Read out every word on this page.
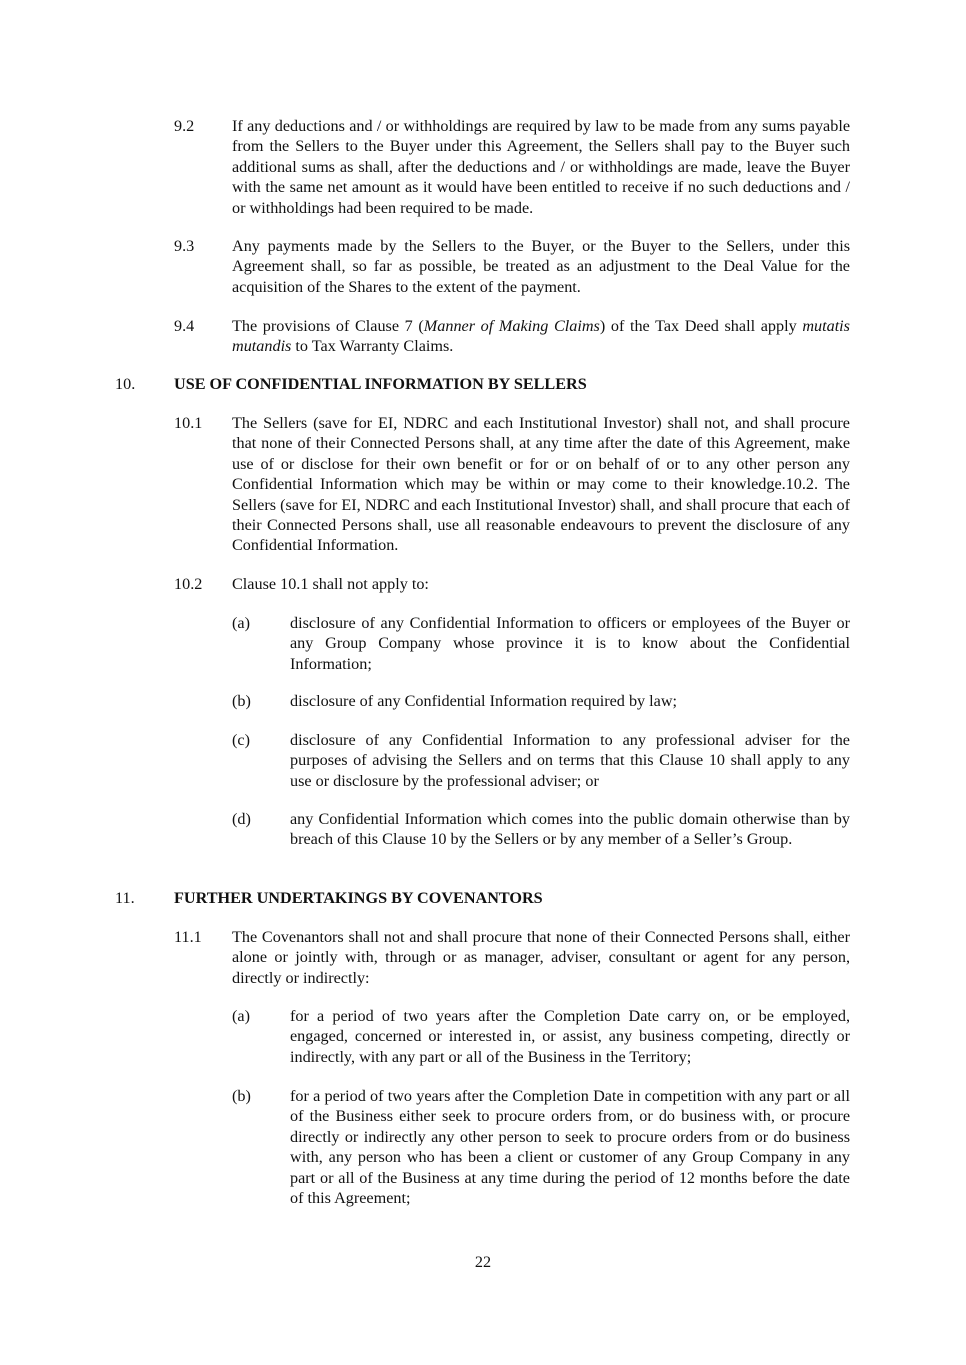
9.2 If any deductions and / or withholdings are required by law to be made from any sums payable from the Sellers to the Buyer under this Agreement, the Sellers shall pay to the Buyer such additional sums as shall, after the deductions and / or withholdings are made, leave the Buyer with the same net amount as it would have been entitled to receive if no such deductions and / or withholdings had been required to be made.
9.3 Any payments made by the Sellers to the Buyer, or the Buyer to the Sellers, under this Agreement shall, so far as possible, be treated as an adjustment to the Deal Value for the acquisition of the Shares to the extent of the payment.
9.4 The provisions of Clause 7 (Manner of Making Claims) of the Tax Deed shall apply mutatis mutandis to Tax Warranty Claims.
10. USE OF CONFIDENTIAL INFORMATION BY SELLERS
10.1 The Sellers (save for EI, NDRC and each Institutional Investor) shall not, and shall procure that none of their Connected Persons shall, at any time after the date of this Agreement, make use of or disclose for their own benefit or for or on behalf of or to any other person any Confidential Information which may be within or may come to their knowledge.10.2. The Sellers (save for EI, NDRC and each Institutional Investor) shall, and shall procure that each of their Connected Persons shall, use all reasonable endeavours to prevent the disclosure of any Confidential Information.
10.2 Clause 10.1 shall not apply to:
(a) disclosure of any Confidential Information to officers or employees of the Buyer or any Group Company whose province it is to know about the Confidential Information;
(b) disclosure of any Confidential Information required by law;
(c) disclosure of any Confidential Information to any professional adviser for the purposes of advising the Sellers and on terms that this Clause 10 shall apply to any use or disclosure by the professional adviser; or
(d) any Confidential Information which comes into the public domain otherwise than by breach of this Clause 10 by the Sellers or by any member of a Seller’s Group.
11. FURTHER UNDERTAKINGS BY COVENANTORS
11.1 The Covenantors shall not and shall procure that none of their Connected Persons shall, either alone or jointly with, through or as manager, adviser, consultant or agent for any person, directly or indirectly:
(a) for a period of two years after the Completion Date carry on, or be employed, engaged, concerned or interested in, or assist, any business competing, directly or indirectly, with any part or all of the Business in the Territory;
(b) for a period of two years after the Completion Date in competition with any part or all of the Business either seek to procure orders from, or do business with, or procure directly or indirectly any other person to seek to procure orders from or do business with, any person who has been a client or customer of any Group Company in any part or all of the Business at any time during the period of 12 months before the date of this Agreement;
22
